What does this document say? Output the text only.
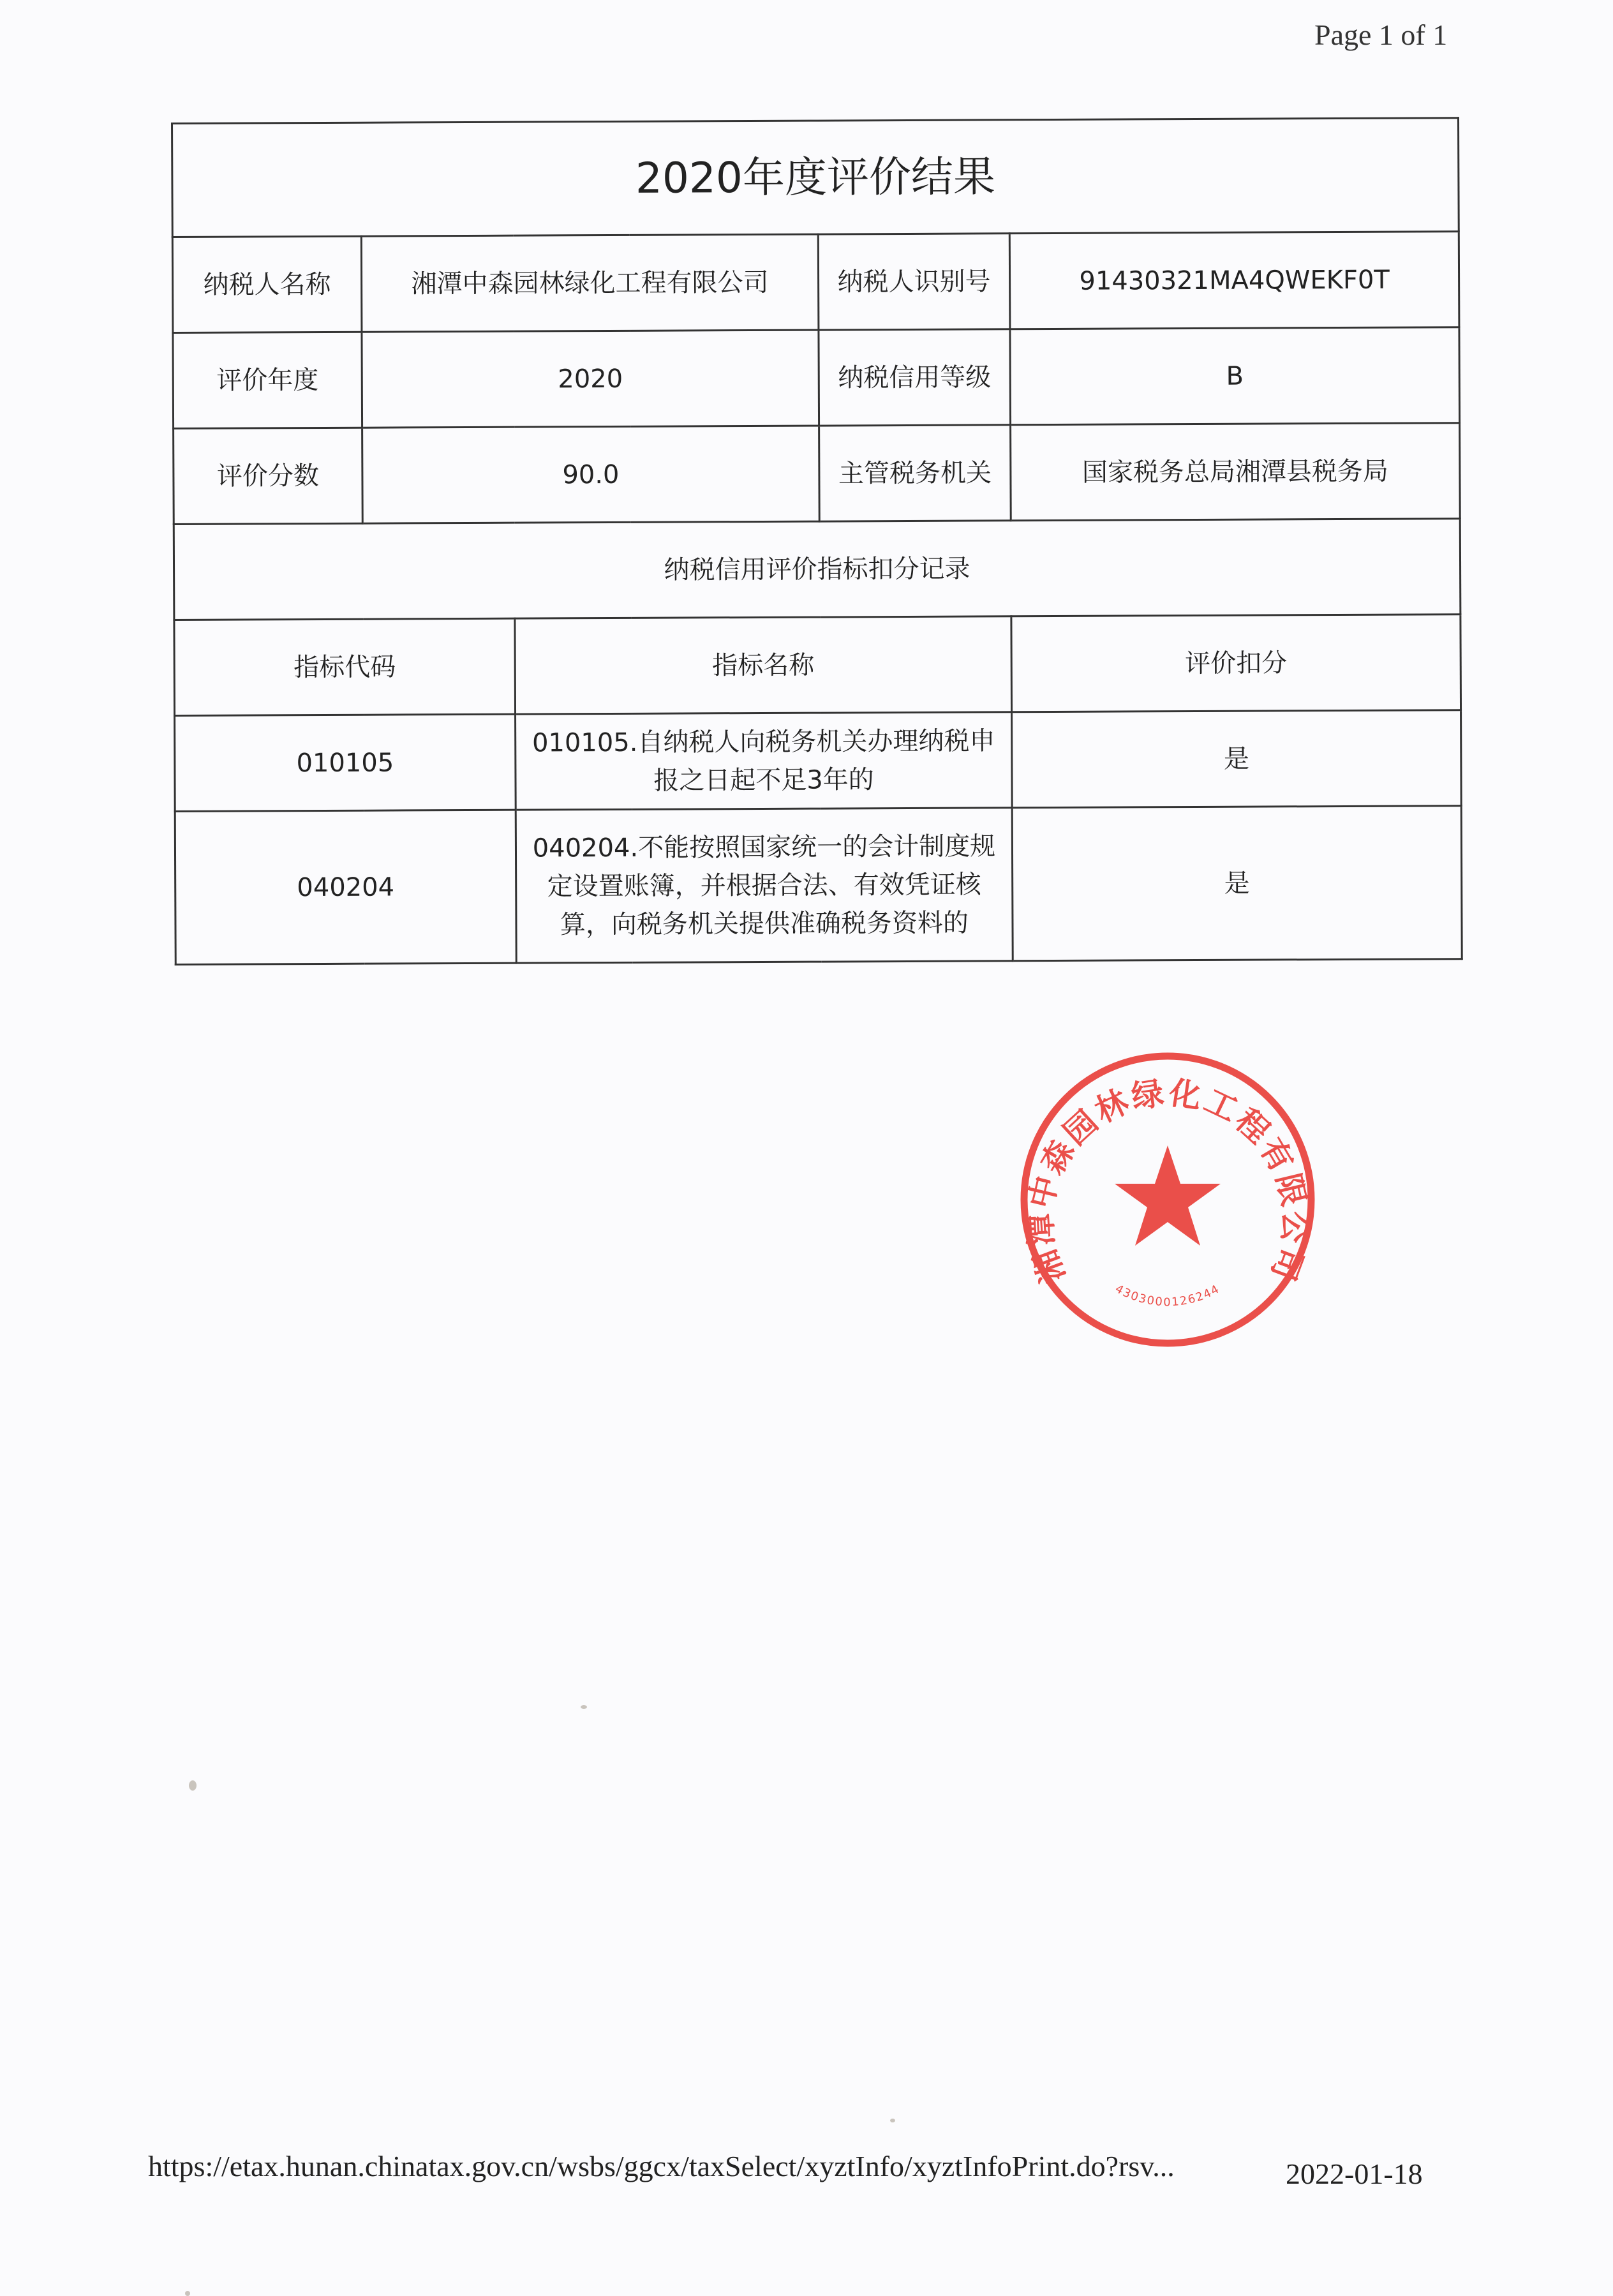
Page 1 of 1
2020年度评价结果				
纳税人名称	湘潭中森园林绿化工程有限公司		纳税人识别号	91430321MA4QWEKF0T
评价年度	2020		纳税信用等级	B
评价分数	90.0		主管税务机关	国家税务总局湘潭县税务局
纳税信用评价指标扣分记录				
指标代码		指标名称		评价扣分
010105		010105.自纳税人向税务机关办理纳税申报之日起不足3年的		是
040204		040204.不能按照国家统一的会计制度规定设置账簿，并根据合法、有效凭证核算，向税务机关提供准确税务资料的		是
湘潭中森园林绿化工程有限公司
4303000126244
https://etax.hunan.chinatax.gov.cn/wsbs/ggcx/taxSelect/xyztInfo/xyztInfoPrint.do?rsv...	2022-01-18
